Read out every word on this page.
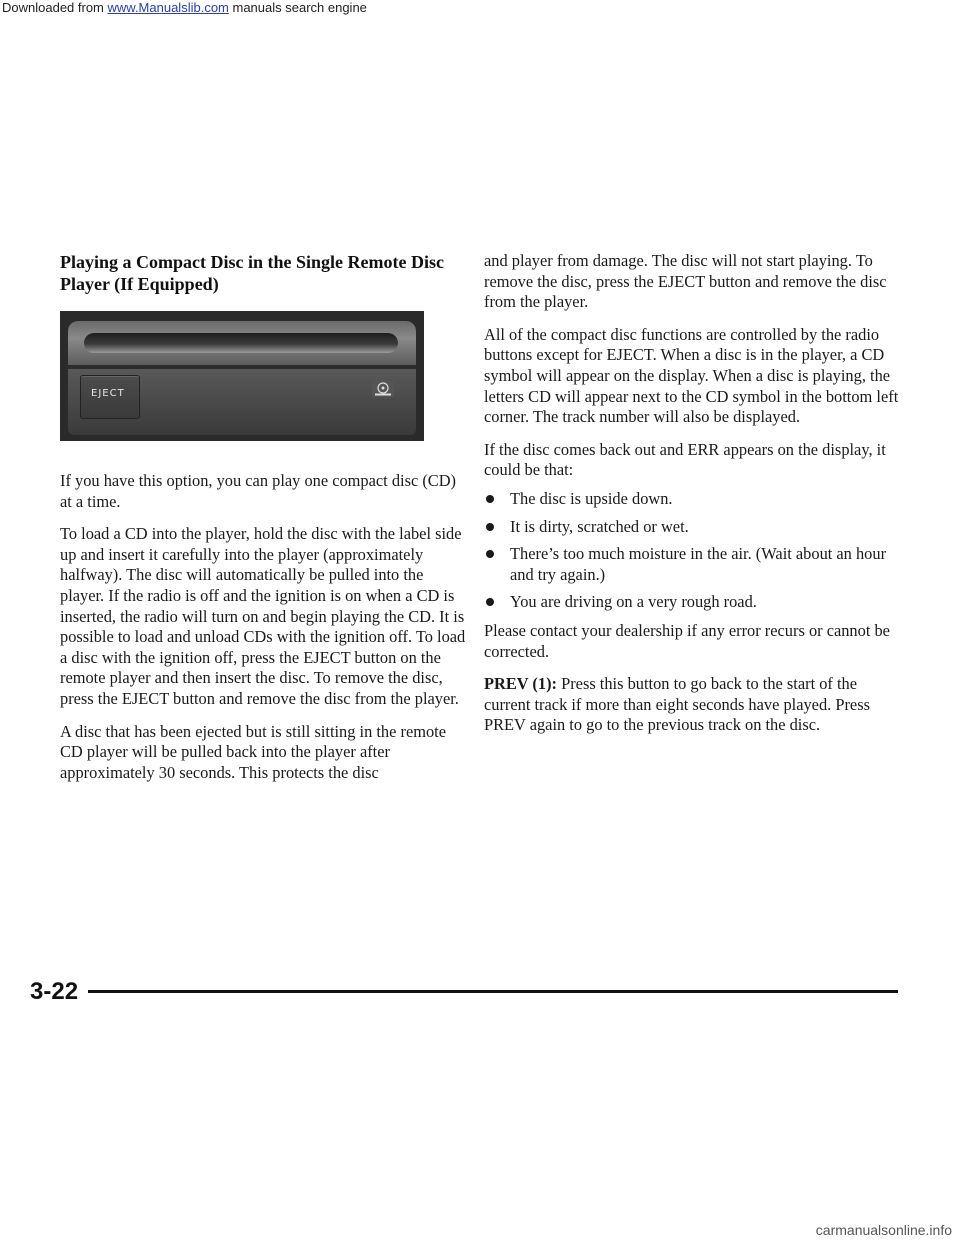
Downloaded from www.Manualslib.com manuals search engine
Playing a Compact Disc in the Single Remote Disc Player (If Equipped)
EJECT

If you have this option, you can play one compact disc (CD) at a time.

To load a CD into the player, hold the disc with the label side up and insert it carefully into the player (approximately halfway). The disc will automatically be pulled into the player. If the radio is off and the ignition is on when a CD is inserted, the radio will turn on and begin playing the CD. It is possible to load and unload CDs with the ignition off. To load a disc with the ignition off, press the EJECT button on the remote player and then insert the disc. To remove the disc, press the EJECT button and remove the disc from the player.

A disc that has been ejected but is still sitting in the remote CD player will be pulled back into the player after approximately 30 seconds. This protects the disc

and player from damage. The disc will not start playing. To remove the disc, press the EJECT button and remove the disc from the player.

All of the compact disc functions are controlled by the radio buttons except for EJECT. When a disc is in the player, a CD symbol will appear on the display. When a disc is playing, the letters CD will appear next to the CD symbol in the bottom left corner. The track number will also be displayed.

If the disc comes back out and ERR appears on the display, it could be that:

The disc is upside down.
It is dirty, scratched or wet.
There’s too much moisture in the air. (Wait about an hour and try again.)
You are driving on a very rough road.

Please contact your dealership if any error recurs or cannot be corrected.

PREV (1): Press this button to go back to the start of the current track if more than eight seconds have played. Press PREV again to go to the previous track on the disc.

3-22
carmanualsonline.info
